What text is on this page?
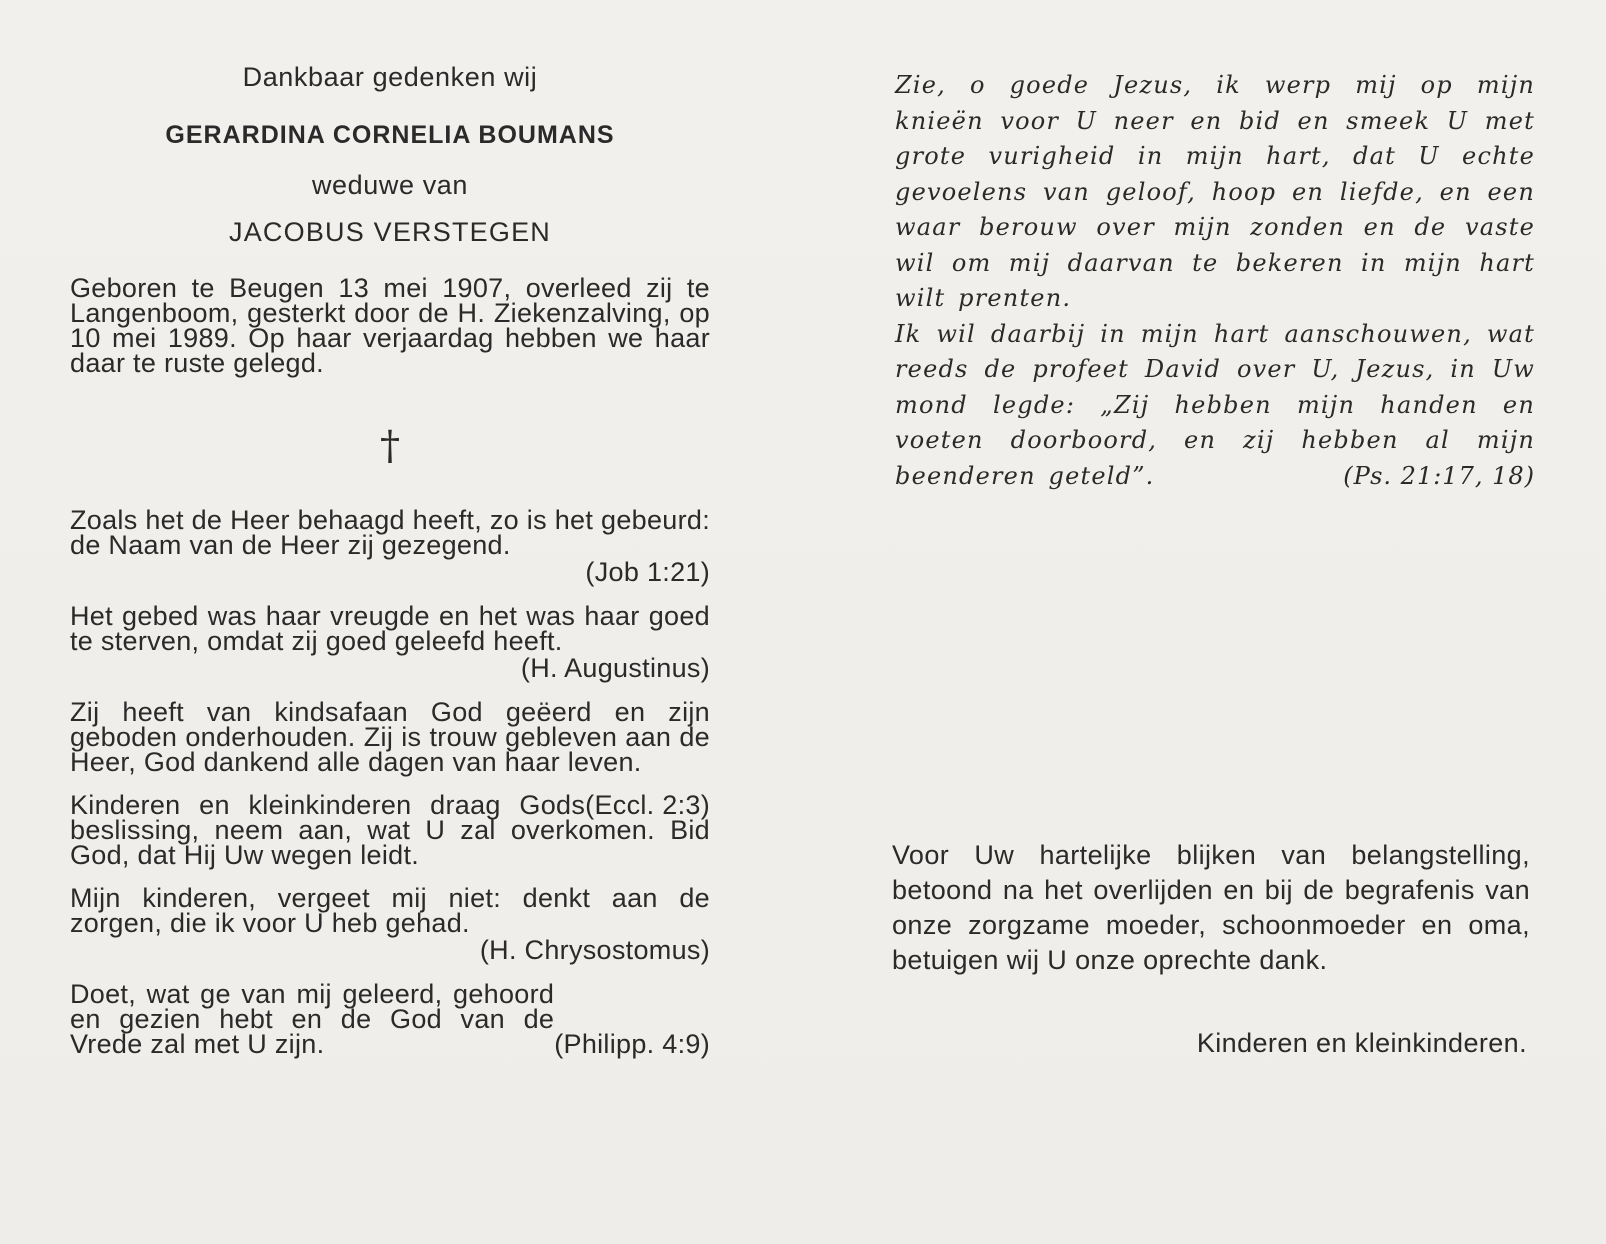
Dankbaar gedenken wij

GERARDINA CORNELIA BOUMANS

weduwe van

JACOBUS VERSTEGEN

Geboren te Beugen 13 mei 1907, overleed zij te Langenboom, gesterkt door de H. Ziekenzalving, op 10 mei 1989. Op haar verjaardag hebben we haar daar te ruste gelegd.

†

Zoals het de Heer behaagd heeft, zo is het gebeurd: de Naam van de Heer zij gezegend.

(Job 1:21)

Het gebed was haar vreugde en het was haar goed te sterven, omdat zij goed geleefd heeft.

(H. Augustinus)

Zij heeft van kindsafaan God geëerd en zijn geboden onderhouden. Zij is trouw gebleven aan de Heer, God dankend alle dagen van haar leven.

(Eccl. 2:3)
Kinderen en kleinkinderen draag Gods beslissing, neem aan, wat U zal overkomen. Bid God, dat Hij Uw wegen leidt.

Mijn kinderen, vergeet mij niet: denkt aan de zorgen, die ik voor U heb gehad.

(H. Chrysostomus)

(Philipp. 4:9)
Doet, wat ge van mij geleerd, gehoord en gezien hebt en de God van de Vrede zal met U zijn.

Zie, o goede Jezus, ik werp mij op mijn knieën voor U neer en bid en smeek U met grote vurigheid in mijn hart, dat U echte gevoelens van geloof, hoop en liefde, en een waar berouw over mijn zonden en de vaste wil om mij daarvan te bekeren in mijn hart wilt prenten.

Ik wil daarbij in mijn hart aanschouwen, wat reeds de profeet David over U, Jezus, in Uw mond legde: „Zij hebben mijn handen en voeten doorboord, en zij hebben al mijn beenderen geteld”.	(Ps. 21:17, 18)

Voor Uw hartelijke blijken van belangstelling, betoond na het overlijden en bij de begrafenis van onze zorgzame moeder, schoonmoeder en oma, betuigen wij U onze oprechte dank.

Kinderen en kleinkinderen.
